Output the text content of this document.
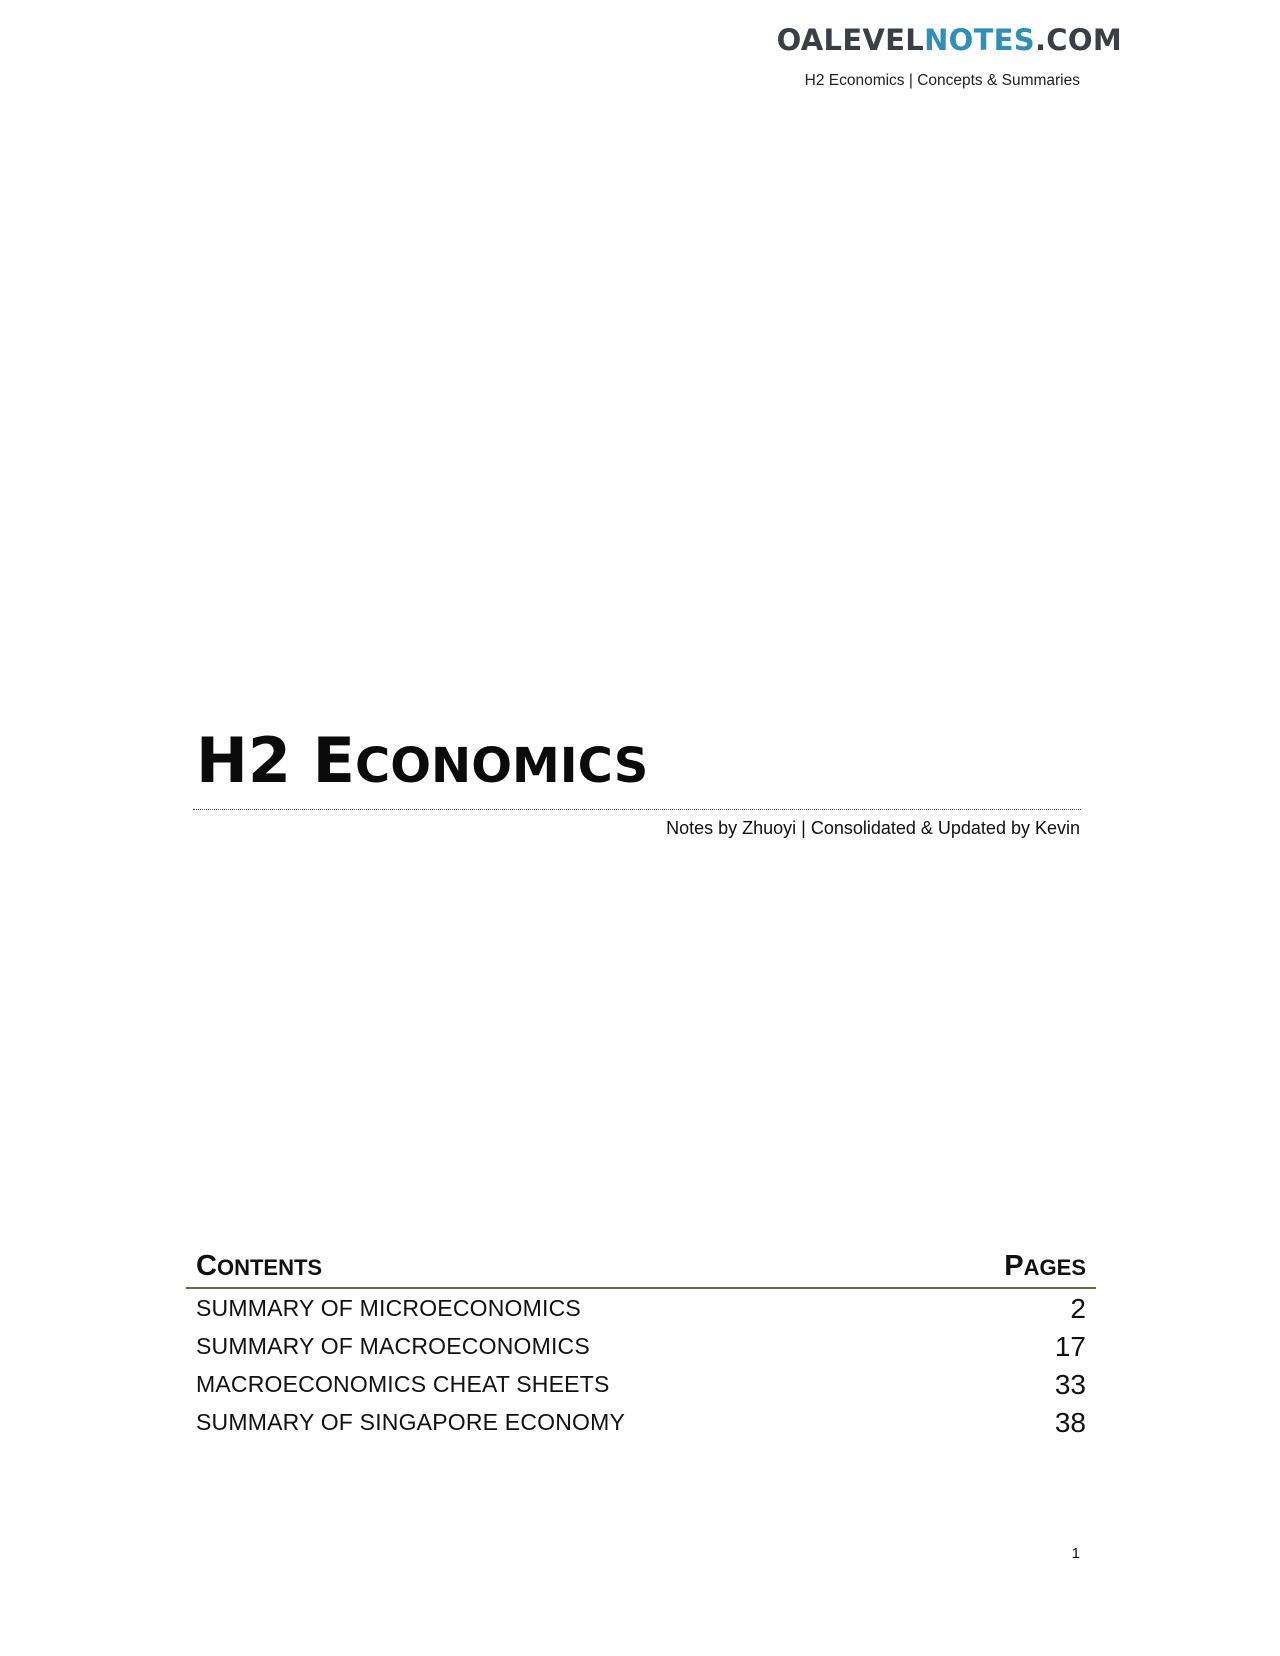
OALEVELNOTES.COM
H2 Economics | Concepts & Summaries
H2 ECONOMICS
Notes by Zhuoyi | Consolidated & Updated by Kevin
CONTENTS	PAGES
SUMMARY OF MICROECONOMICS	2
SUMMARY OF MACROECONOMICS	17
MACROECONOMICS CHEAT SHEETS	33
SUMMARY OF SINGAPORE ECONOMY	38
1
